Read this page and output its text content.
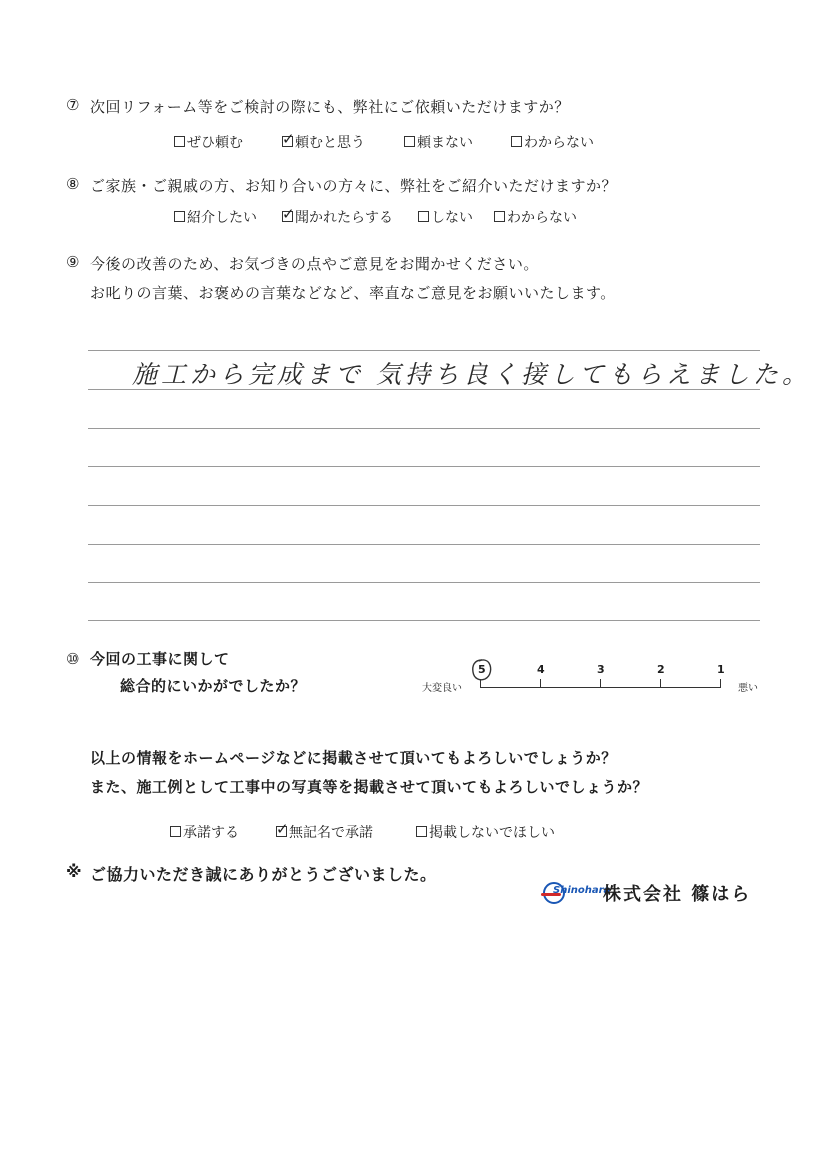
⑦ 次回リフォーム等をご検討の際にも、弊社にご依頼いただけますか？
ぜひ頼む	✓ 頼むと思う	頼まない	わからない
⑧ ご家族・ご親戚の方、お知り合いの方々に、弊社をご紹介いただけますか？
紹介したい ✓ 聞かれたらする	しない	わからない
⑨ 今後の改善のため、お気づきの点やご意見をお聞かせください。
お叱りの言葉、お褒めの言葉などなど、率直なご意見をお願いいたします。
施工から完成まで 気持ち良く接してもらえました。
⑩ 今回の工事に関して
総合的にいかがでしたか？	大変良い	悪い
5	4	3	2	1
以上の情報をホームページなどに掲載させて頂いてもよろしいでしょうか？
また、施工例として工事中の写真等を掲載させて頂いてもよろしいでしょうか？
承諾する ✓ 無記名で承諾	掲載しないでほしい
※ ご協力いただき誠にありがとうございました。
Shinohara
株式会社 篠はら
